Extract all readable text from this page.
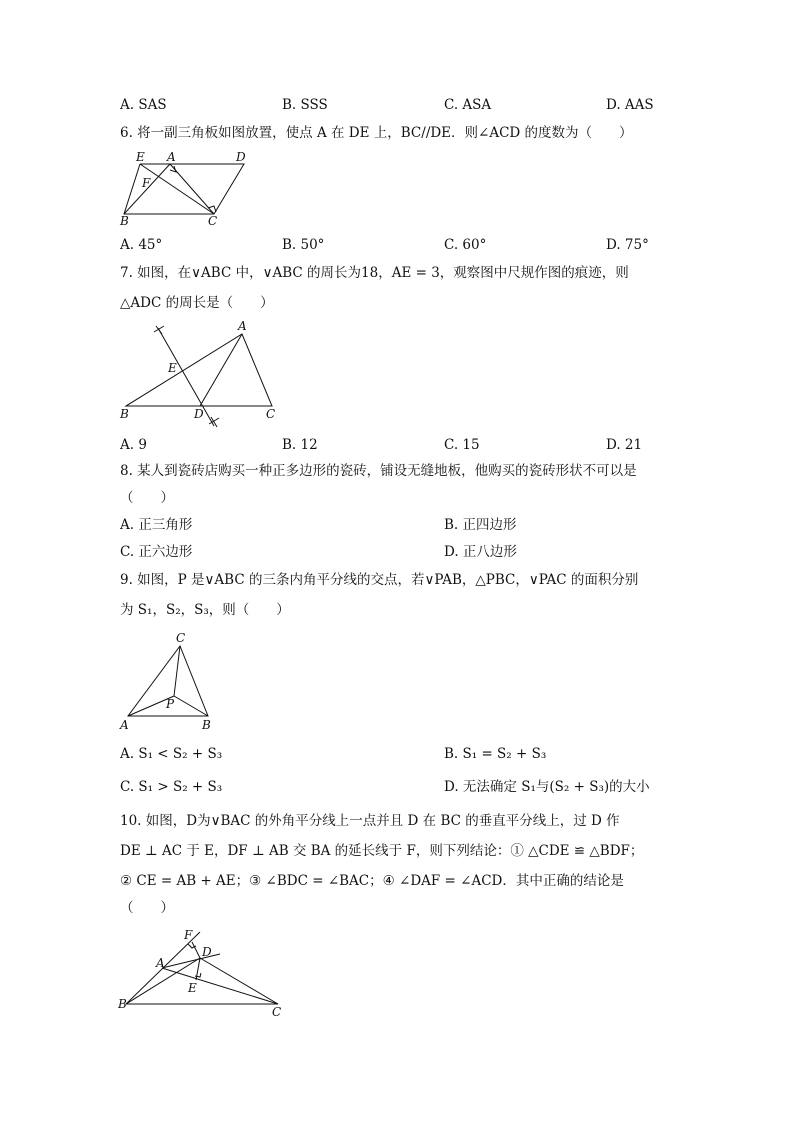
A. SAS	B. SSS	C. ASA	D. AAS
6. 将一副三角板如图放置，使点 A 在 DE 上，BC//DE．则∠ACD 的度数为（　　）
E A	D
F
B	C
A. 45°	B. 50°	C. 60°	D. 75°
7. 如图，在∨ABC 中，∨ABC 的周长为18，AE = 3，观察图中尺规作图的痕迹，则
△ADC 的周长是（　　）
A
E
B	D	C
A. 9	B. 12	C. 15	D. 21
8. 某人到瓷砖店购买一种正多边形的瓷砖，铺设无缝地板，他购买的瓷砖形状不可以是
（　　）
A. 正三角形	B. 正四边形
C. 正六边形	D. 正八边形
9. 如图，P 是∨ABC 的三条内角平分线的交点，若∨PAB，△PBC，∨PAC 的面积分别
为 S₁，S₂，S₃，则（　　）
C
P
A	B
A. S₁ < S₂ + S₃	B. S₁ = S₂ + S₃
C. S₁ > S₂ + S₃	D. 无法确定 S₁与(S₂ + S₃)的大小
10. 如图，D为∨BAC 的外角平分线上一点并且 D 在 BC 的垂直平分线上，过 D 作
DE ⊥ AC 于 E，DF ⊥ AB 交 BA 的延长线于 F，则下列结论：① △CDE ≌ △BDF；
② CE = AB + AE；③ ∠BDC = ∠BAC；④ ∠DAF = ∠ACD．其中正确的结论是
（　　）
F
D
A
E
B
C
